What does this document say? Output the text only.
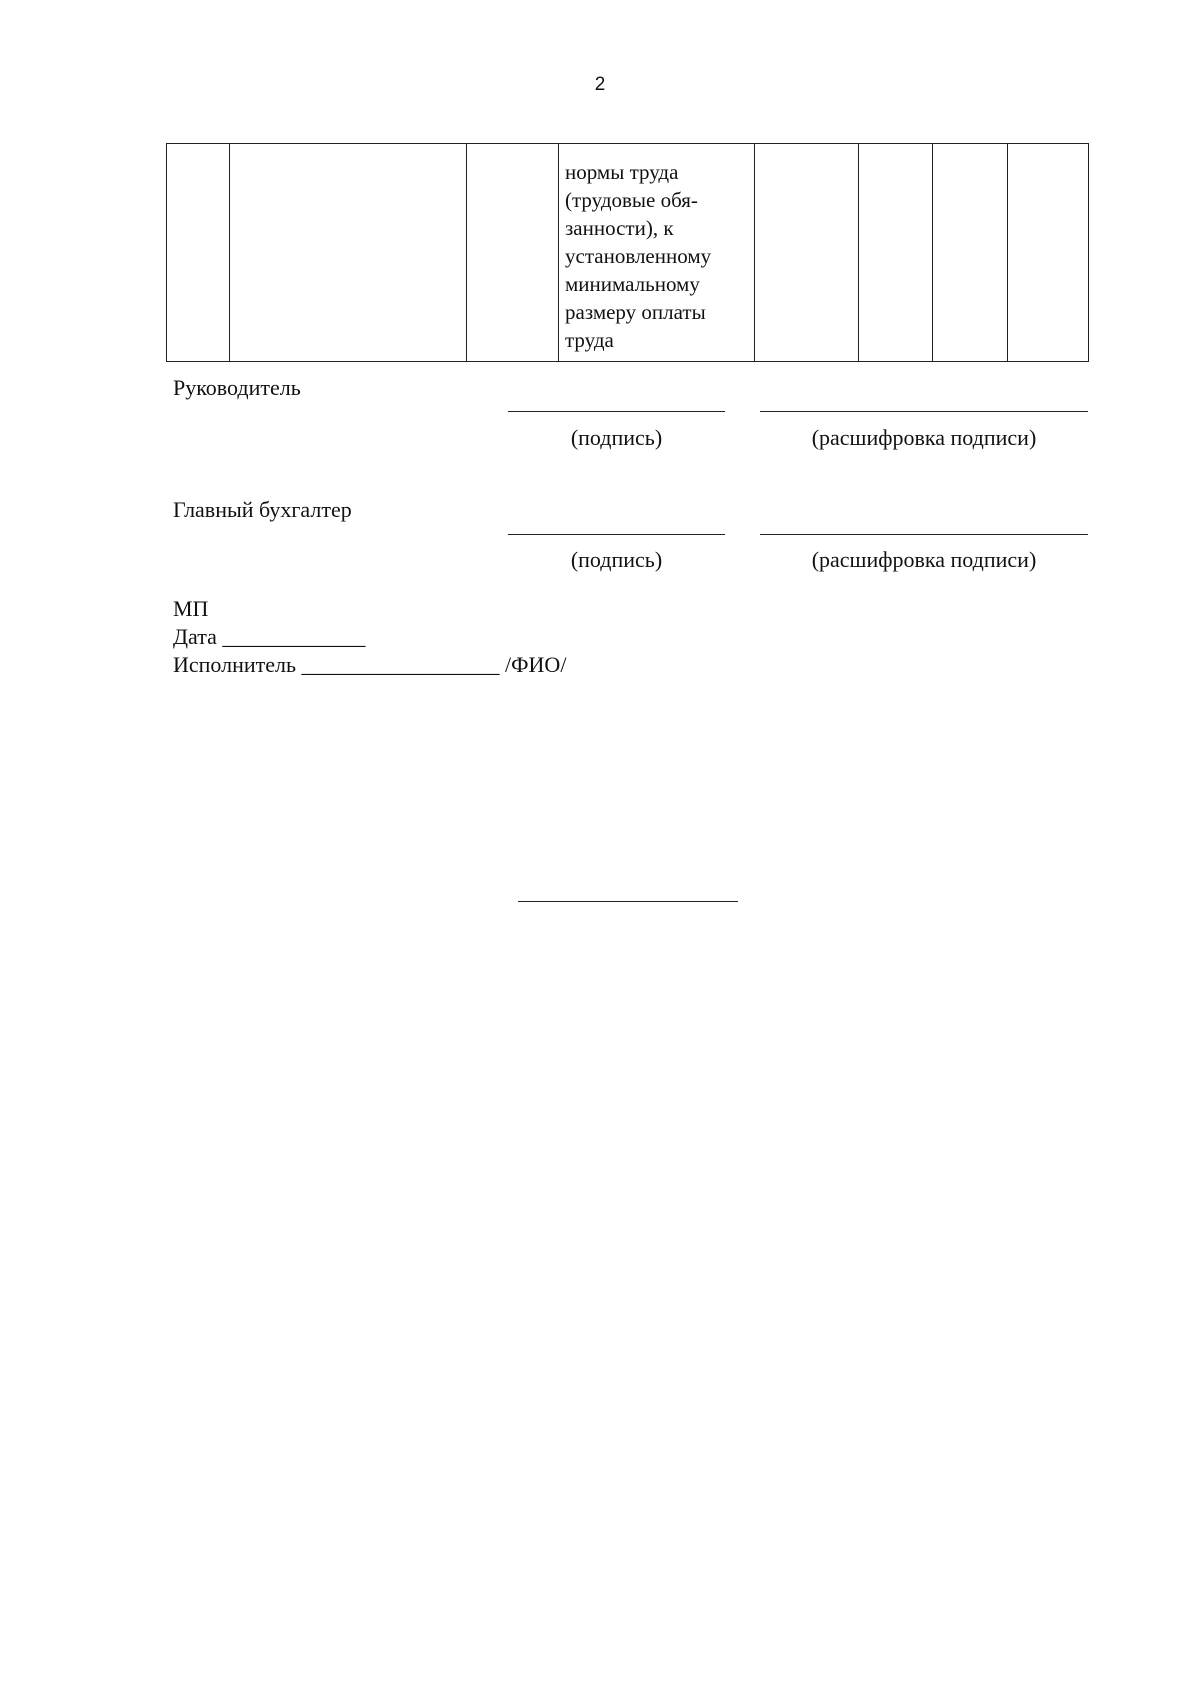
2

нормы труда (трудовые обя-занности), к установленному минимальному размеру оплаты труда

Руководитель
(подпись)	(расшифровка подписи)
Главный бухгалтер
(подпись)	(расшифровка подписи)
МП
Дата _____________
Исполнитель __________________ /ФИО/
